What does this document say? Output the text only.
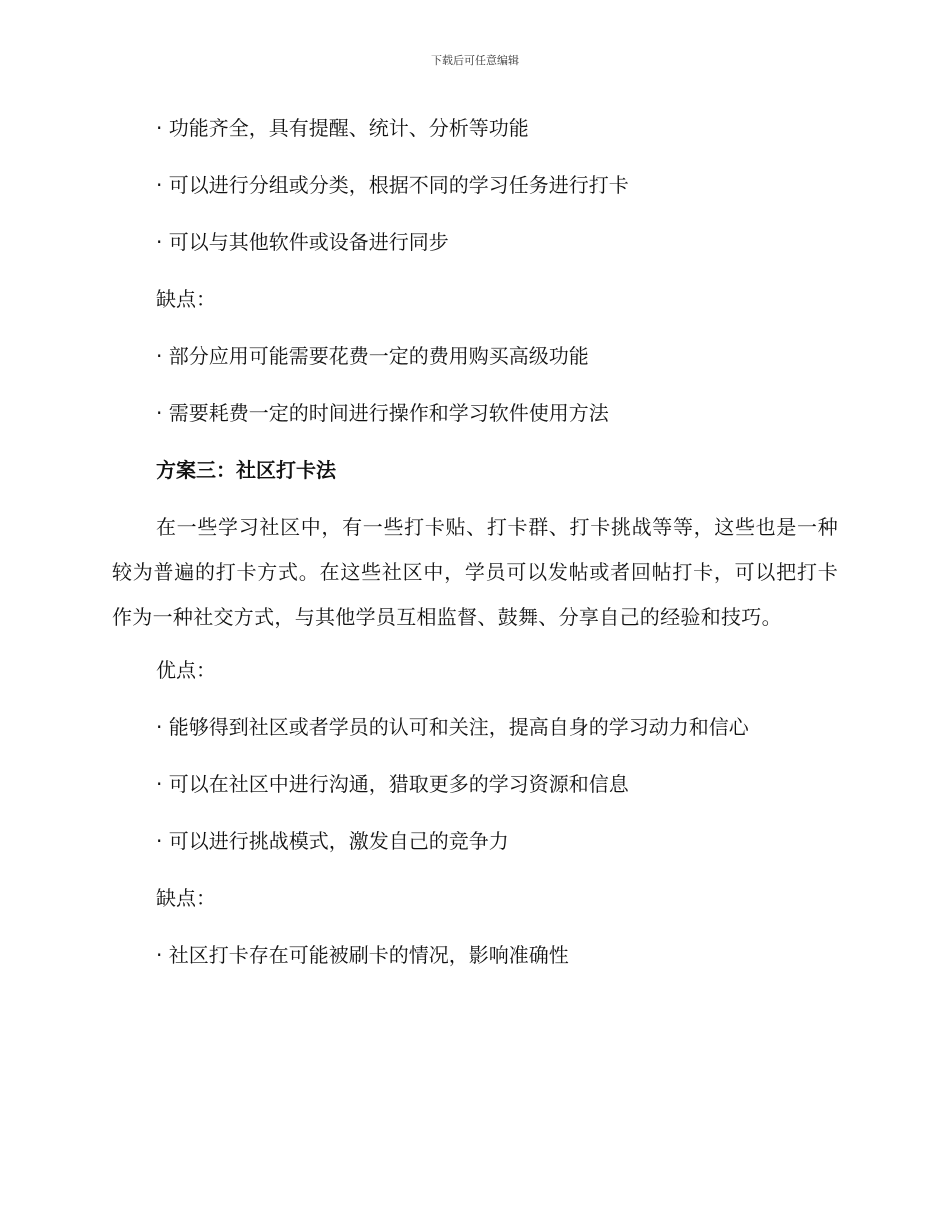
下载后可任意编辑
· 功能齐全，具有提醒、统计、分析等功能
· 可以进行分组或分类，根据不同的学习任务进行打卡
· 可以与其他软件或设备进行同步
缺点：
· 部分应用可能需要花费一定的费用购买高级功能
· 需要耗费一定的时间进行操作和学习软件使用方法
方案三：社区打卡法

在一些学习社区中，有一些打卡贴、打卡群、打卡挑战等等，这些也是一种较为普遍的打卡方式。在这些社区中，学员可以发帖或者回帖打卡，可以把打卡作为一种社交方式，与其他学员互相监督、鼓舞、分享自己的经验和技巧。

优点：
· 能够得到社区或者学员的认可和关注，提高自身的学习动力和信心
· 可以在社区中进行沟通，猎取更多的学习资源和信息
· 可以进行挑战模式，激发自己的竞争力
缺点：
· 社区打卡存在可能被刷卡的情况，影响准确性
